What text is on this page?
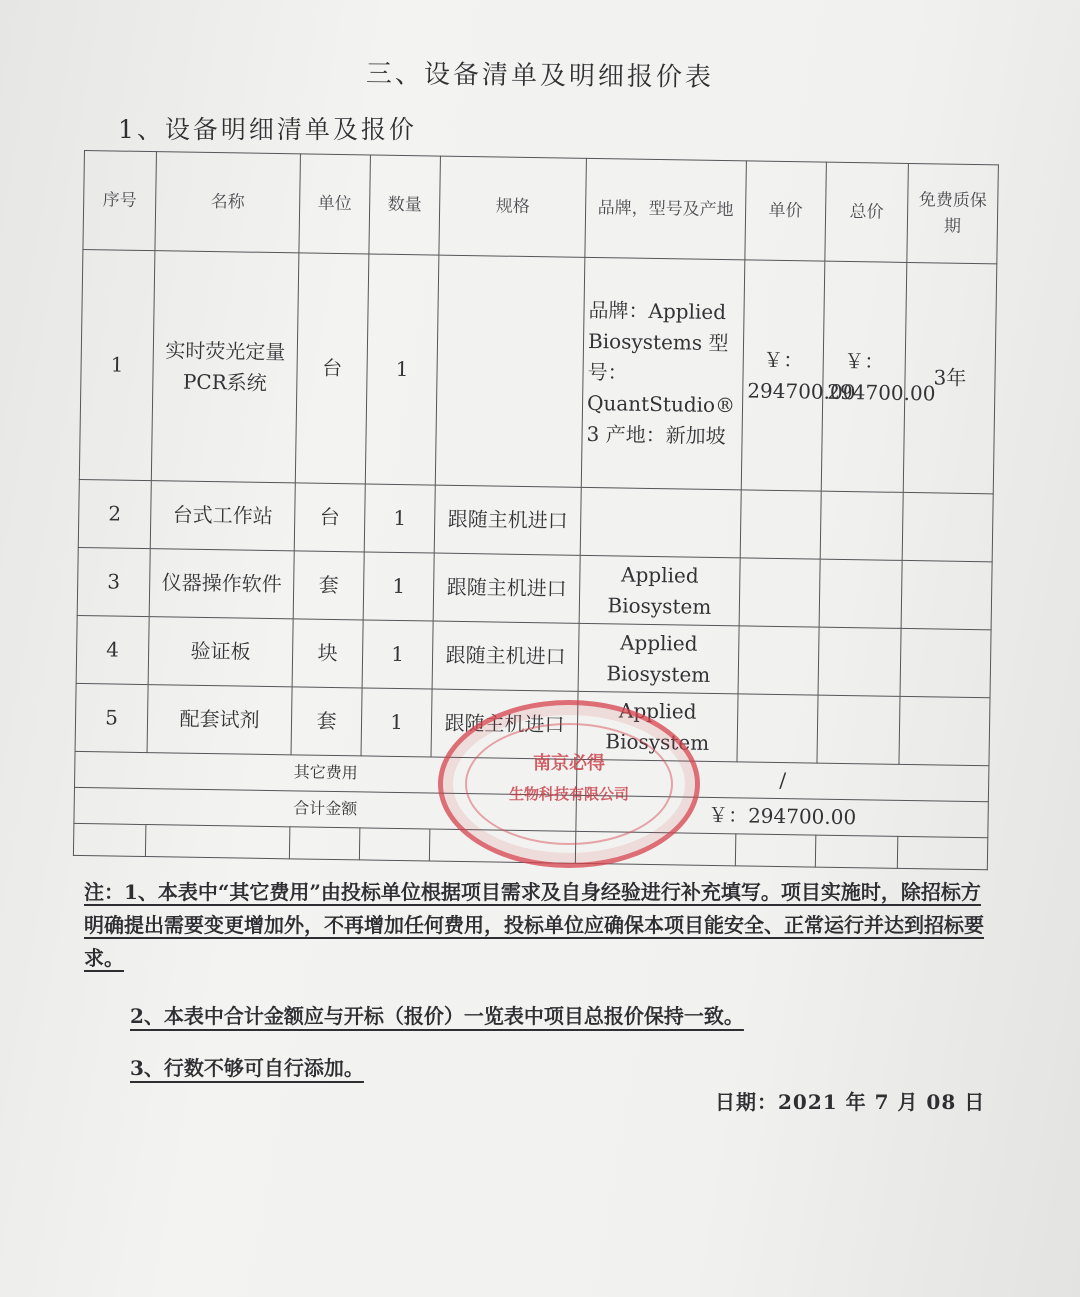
三、设备清单及明细报价表
1、设备明细清单及报价
序号	名称	单位	数量	规格	品牌，型号及产地	单价	总价	免费质保期
1	实时荧光定量PCR系统	台	1		品牌：Applied Biosystems 型号：QuantStudio® 3 产地：新加坡	￥：294700.00	￥：294700.00	3年
2	台式工作站	台	1	跟随主机进口				
3	仪器操作软件	套	1	跟随主机进口	Applied Biosystem			
4	验证板	块	1	跟随主机进口	Applied Biosystem			
5	配套试剂	套	1	跟随主机进口	Applied Biosystem			
其它费用					/			
合计金额					￥：294700.00			

南京必得
生物科技有限公司
注：1、本表中“其它费用”由投标单位根据项目需求及自身经验进行补充填写。项目实施时，除招标方明确提出需要变更增加外，不再增加任何费用，投标单位应确保本项目能安全、正常运行并达到招标要求。
2、本表中合计金额应与开标（报价）一览表中项目总报价保持一致。
3、行数不够可自行添加。
日期：2021 年 7 月 08 日
